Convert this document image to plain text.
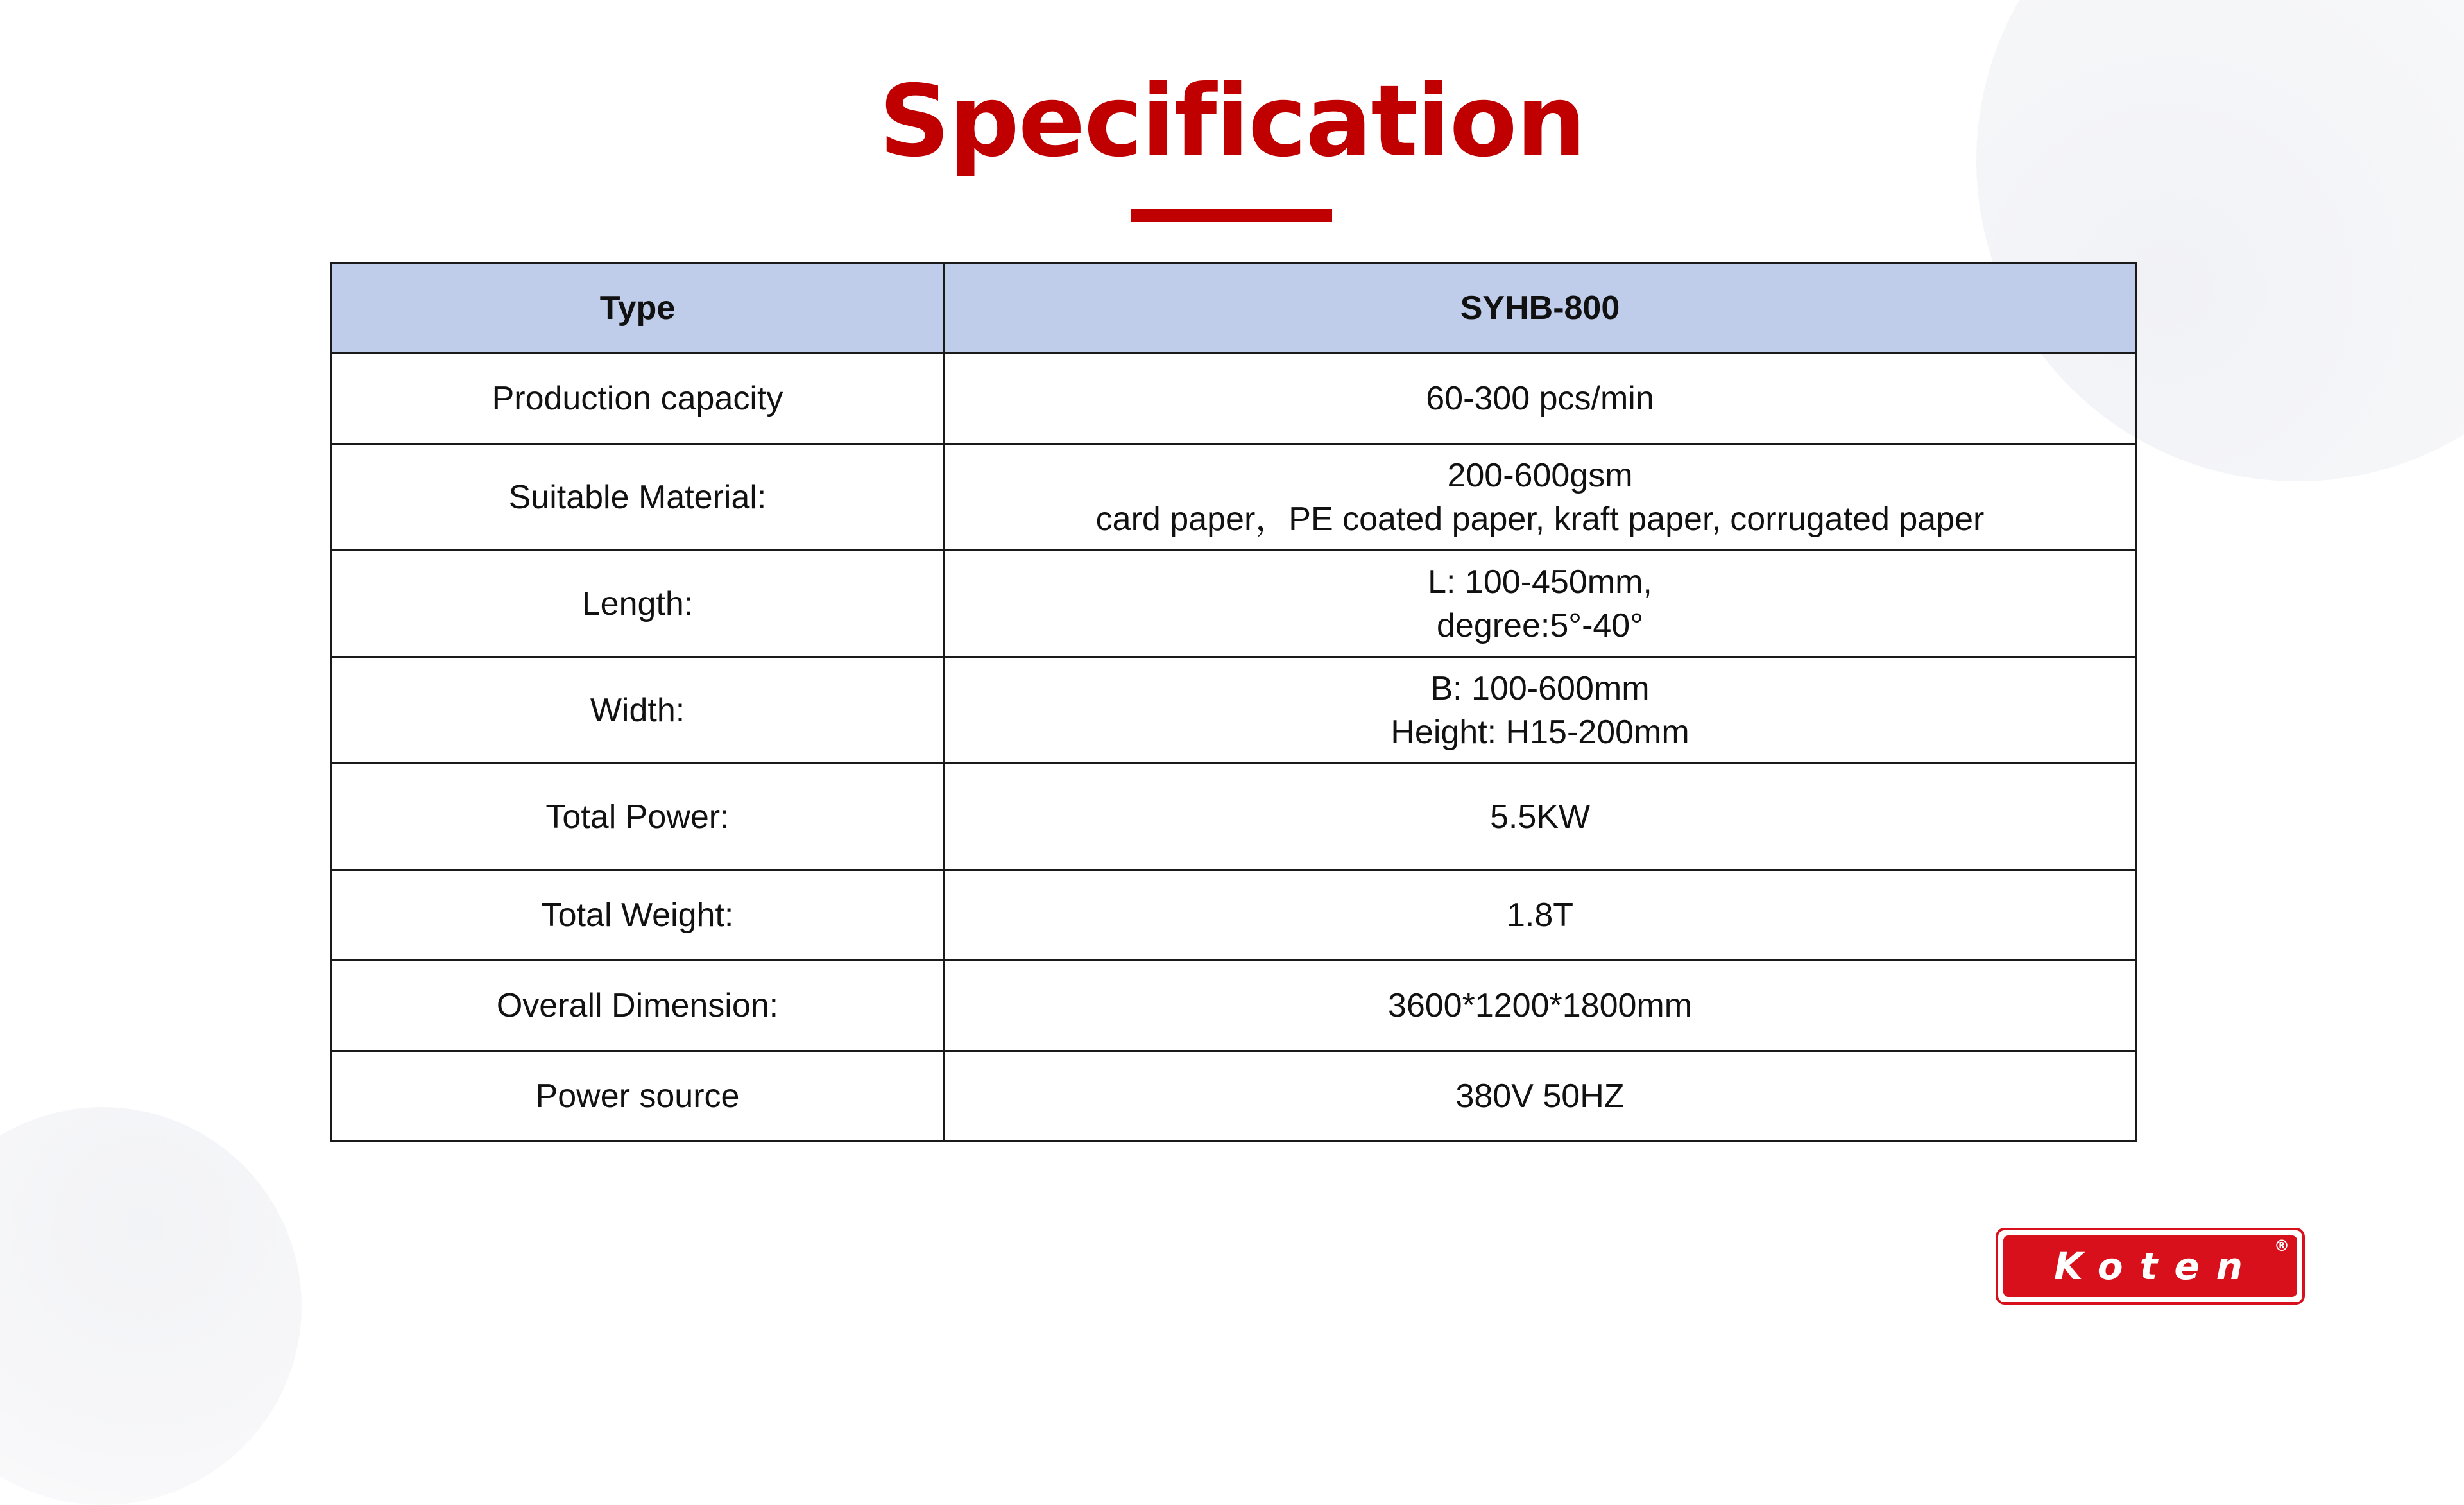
Specification
Type	SYHB-800
Production capacity	60-300 pcs/min

Suitable Material:	200-600gsm
card paper，PE coated paper, kraft paper, corrugated paper

Length:	L: 100-450mm,
degree:5°-40°

Width:	B: 100-600mm
Height: H15-200mm

Total Power:	5.5KW

Total Weight:	1.8T

Overall Dimension:	3600*1200*1800mm

Power source	380V 50HZ
Koten ®
